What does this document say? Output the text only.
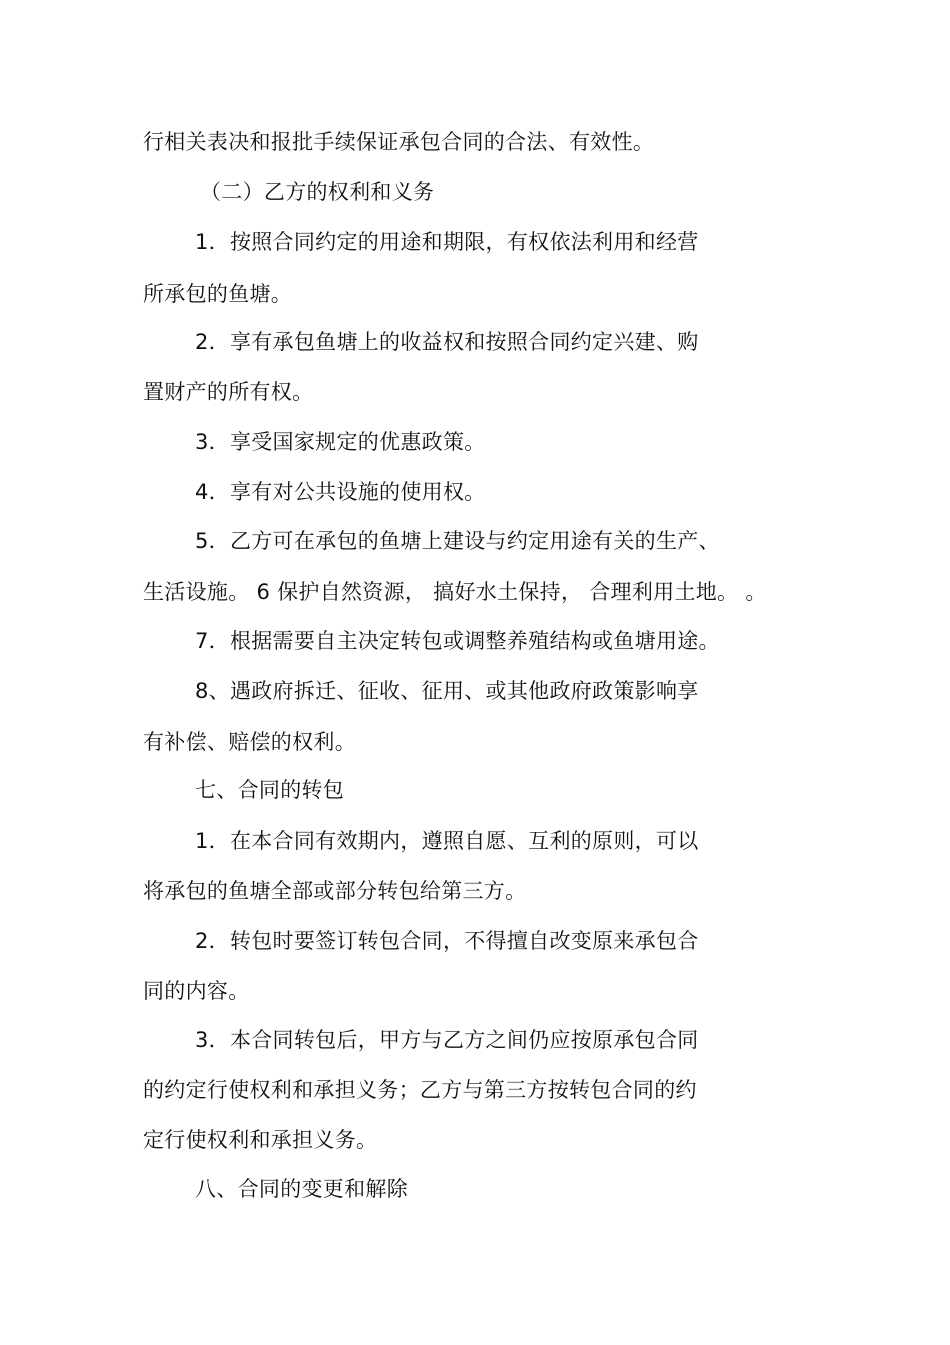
行相关表决和报批手续保证承包合同的合法、有效性。
（二）乙方的权利和义务
1．按照合同约定的用途和期限，有权依法利用和经营
所承包的鱼塘。
2．享有承包鱼塘上的收益权和按照合同约定兴建、购
置财产的所有权。
3．享受国家规定的优惠政策。
4．享有对公共设施的使用权。
5．乙方可在承包的鱼塘上建设与约定用途有关的生产、
生活设施。 6 保护自然资源， 搞好水土保持， 合理利用土地。 。
7．根据需要自主决定转包或调整养殖结构或鱼塘用途。
8、遇政府拆迁、征收、征用、或其他政府政策影响享
有补偿、赔偿的权利。
七、合同的转包
1．在本合同有效期内，遵照自愿、互利的原则，可以
将承包的鱼塘全部或部分转包给第三方。
2．转包时要签订转包合同，不得擅自改变原来承包合
同的内容。
3．本合同转包后，甲方与乙方之间仍应按原承包合同
的约定行使权利和承担义务；乙方与第三方按转包合同的约
定行使权利和承担义务。
八、合同的变更和解除
